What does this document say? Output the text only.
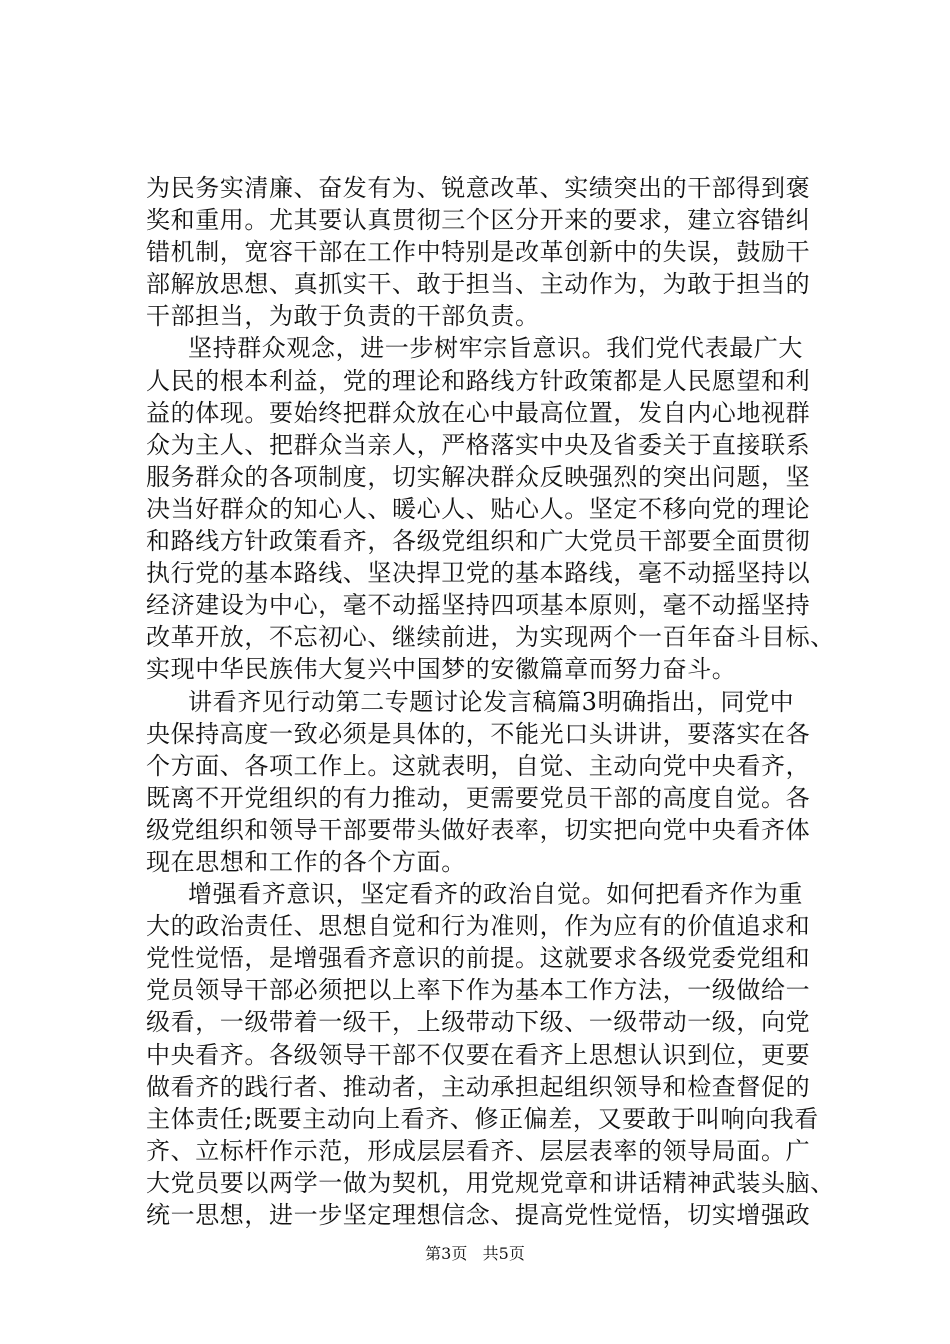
为民务实清廉、奋发有为、锐意改革、实绩突出的干部得到褒
奖和重用。尤其要认真贯彻三个区分开来的要求，建立容错纠
错机制，宽容干部在工作中特别是改革创新中的失误，鼓励干
部解放思想、真抓实干、敢于担当、主动作为，为敢于担当的
干部担当，为敢于负责的干部负责。
坚持群众观念，进一步树牢宗旨意识。我们党代表最广大
人民的根本利益，党的理论和路线方针政策都是人民愿望和利
益的体现。要始终把群众放在心中最高位置，发自内心地视群
众为主人、把群众当亲人，严格落实中央及省委关于直接联系
服务群众的各项制度，切实解决群众反映强烈的突出问题，坚
决当好群众的知心人、暖心人、贴心人。坚定不移向党的理论
和路线方针政策看齐，各级党组织和广大党员干部要全面贯彻
执行党的基本路线、坚决捍卫党的基本路线，毫不动摇坚持以
经济建设为中心，毫不动摇坚持四项基本原则，毫不动摇坚持
改革开放，不忘初心、继续前进，为实现两个一百年奋斗目标、
实现中华民族伟大复兴中国梦的安徽篇章而努力奋斗。
讲看齐见行动第二专题讨论发言稿篇3明确指出，同党中
央保持高度一致必须是具体的，不能光口头讲讲，要落实在各
个方面、各项工作上。这就表明，自觉、主动向党中央看齐，
既离不开党组织的有力推动，更需要党员干部的高度自觉。各
级党组织和领导干部要带头做好表率，切实把向党中央看齐体
现在思想和工作的各个方面。
增强看齐意识，坚定看齐的政治自觉。如何把看齐作为重
大的政治责任、思想自觉和行为准则，作为应有的价值追求和
党性觉悟，是增强看齐意识的前提。这就要求各级党委党组和
党员领导干部必须把以上率下作为基本工作方法，一级做给一
级看，一级带着一级干，上级带动下级、一级带动一级，向党
中央看齐。各级领导干部不仅要在看齐上思想认识到位，更要
做看齐的践行者、推动者，主动承担起组织领导和检查督促的
主体责任;既要主动向上看齐、修正偏差，又要敢于叫响向我看
齐、立标杆作示范，形成层层看齐、层层表率的领导局面。广
大党员要以两学一做为契机，用党规党章和讲话精神武装头脑、
统一思想，进一步坚定理想信念、提高党性觉悟，切实增强政
第3页 共5页
